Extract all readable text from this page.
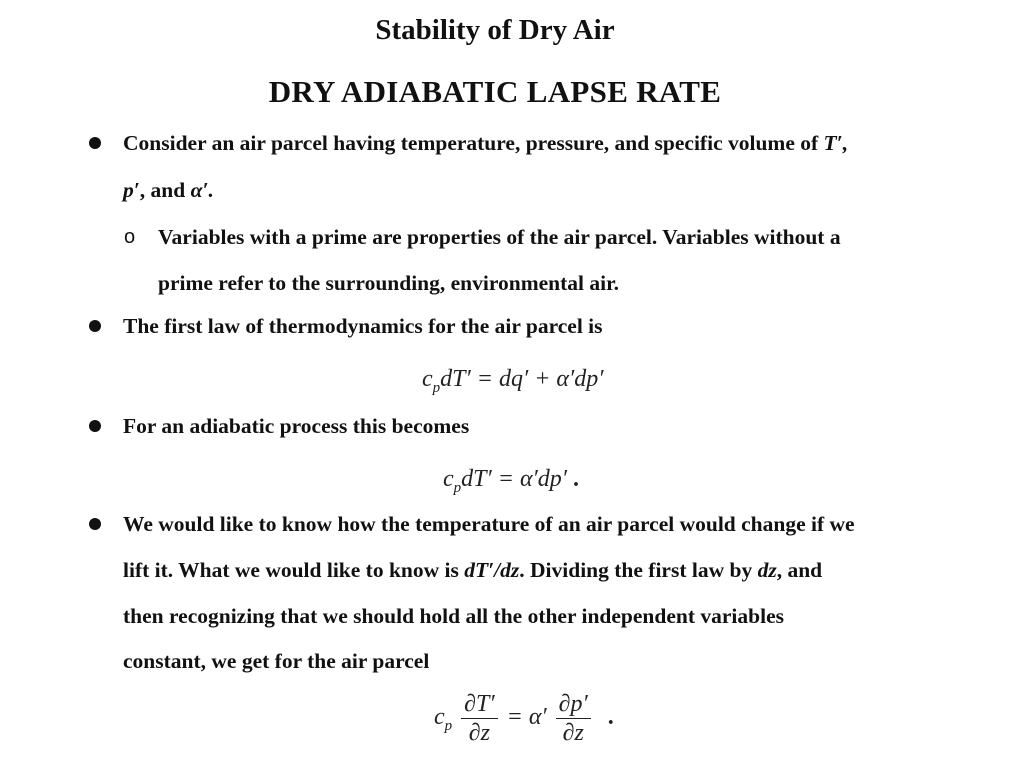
Stability of Dry Air
DRY ADIABATIC LAPSE RATE
Consider an air parcel having temperature, pressure, and specific volume of T′,
p′, and α′.
o Variables with a prime are properties of the air parcel. Variables without a
prime refer to the surrounding, environmental air.
The first law of thermodynamics for the air parcel is
$c_pdT' = dq' + \alpha'dp'$
For an adiabatic process this becomes
$c_pdT' = \alpha'dp'$ .
We would like to know how the temperature of an air parcel would change if we
lift it. What we would like to know is dT′/dz. Dividing the first law by dz, and
then recognizing that we should hold all the other independent variables
constant, we get for the air parcel
$c_p \frac{\partial T'}{\partial z} = \alpha' \frac{\partial p'}{\partial z}$ .
